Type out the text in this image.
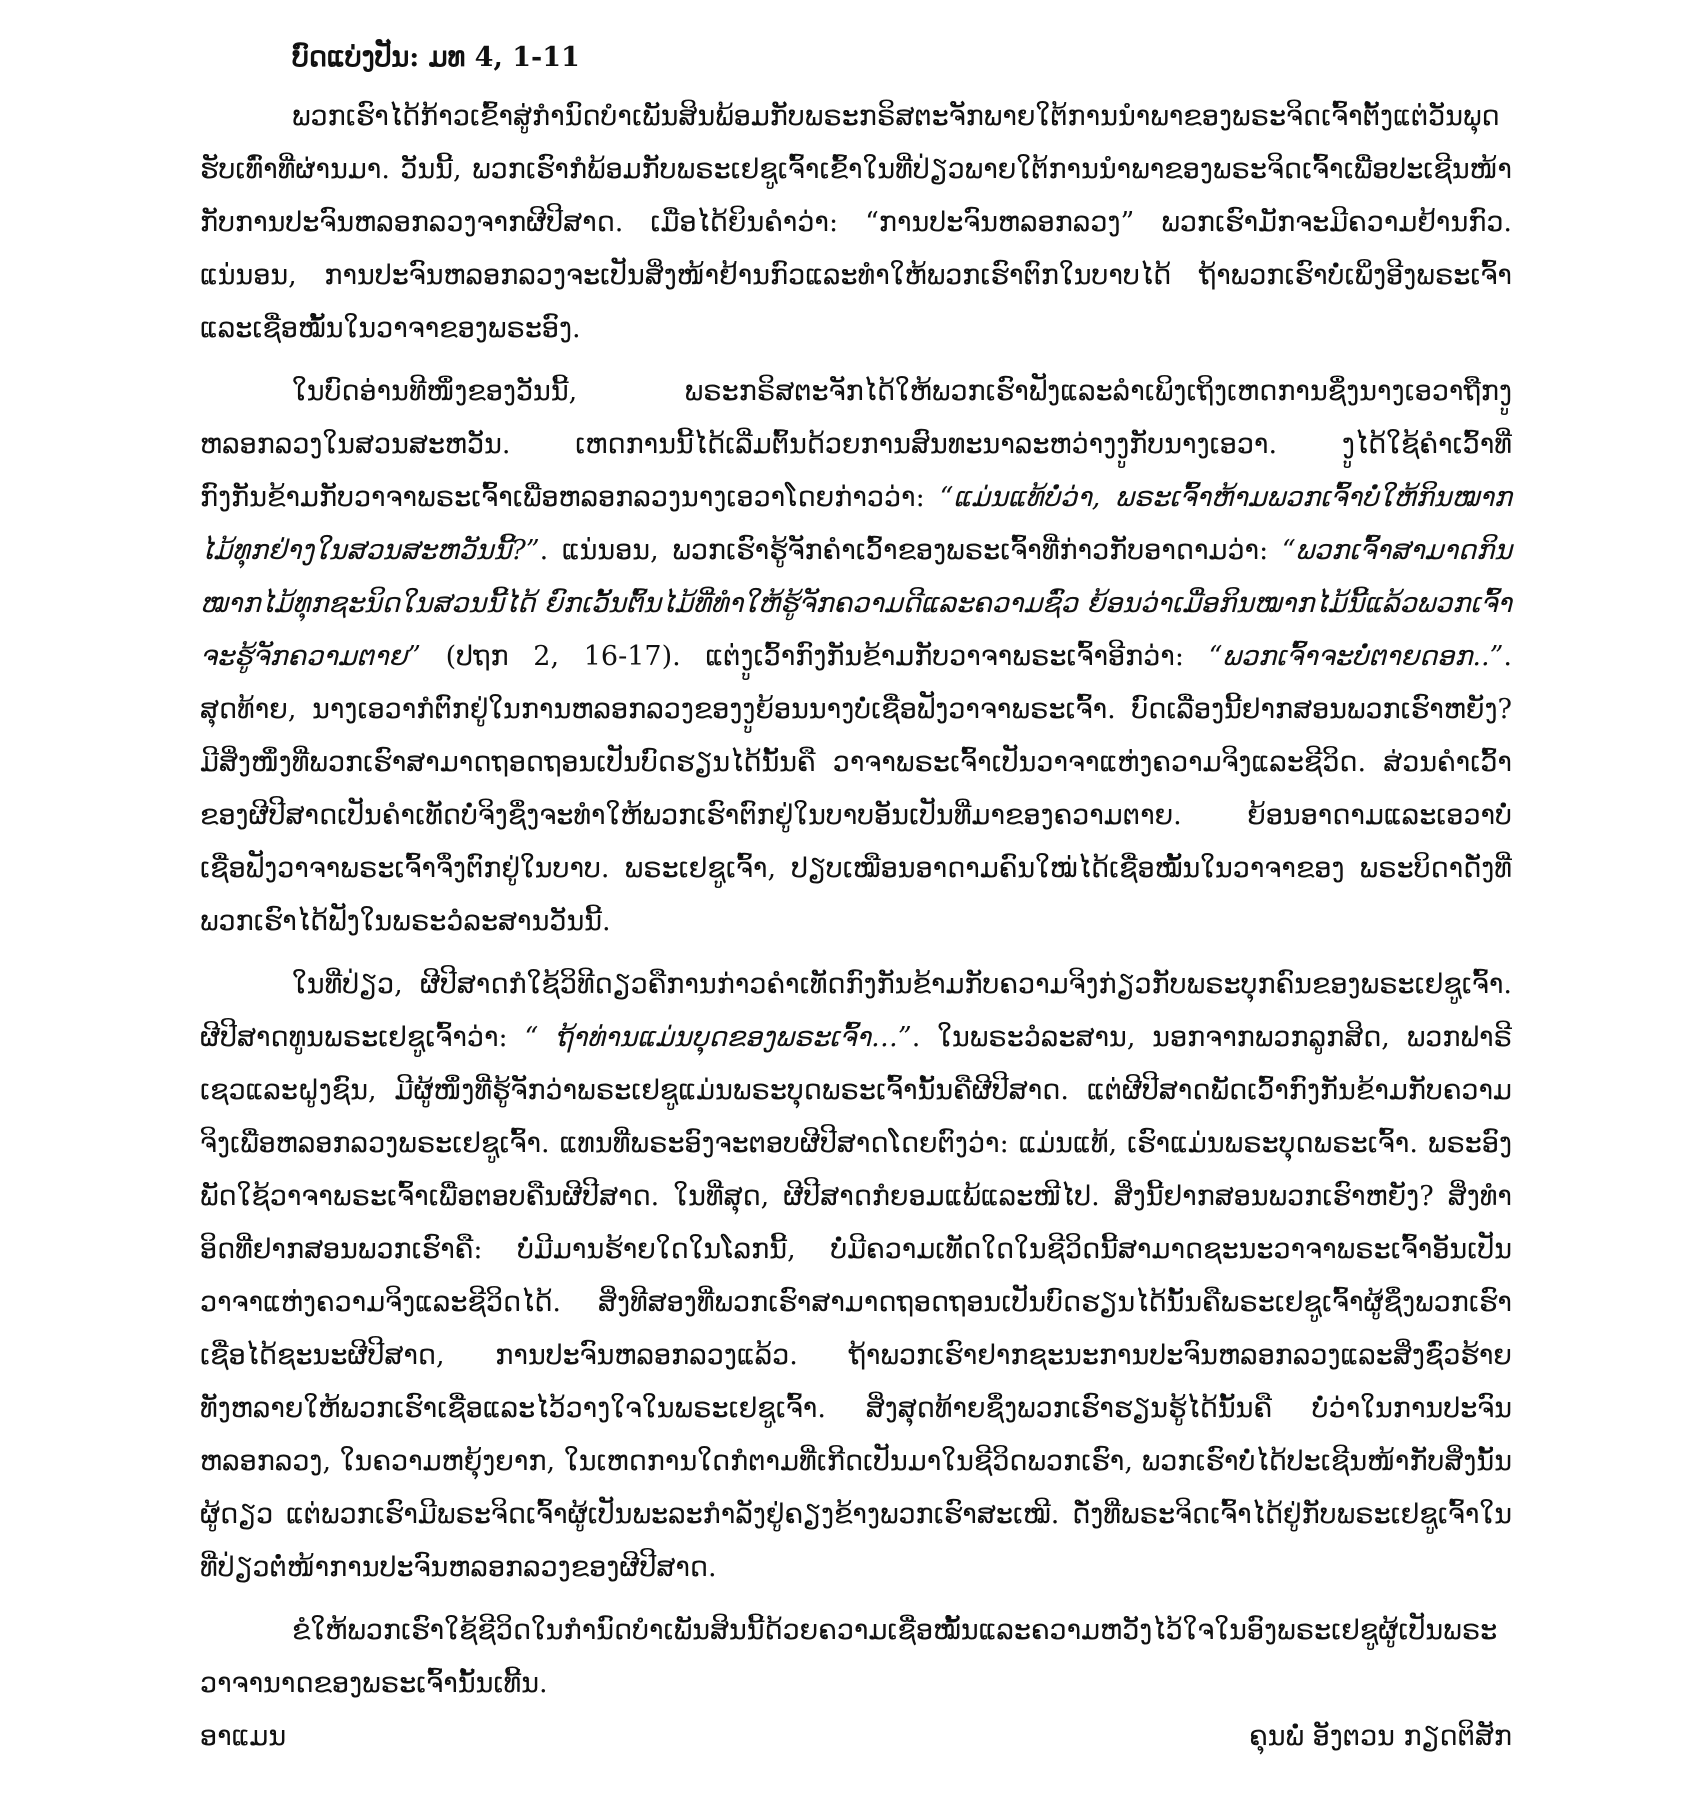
ບົດແບ່ງປັນ: ມທ 4, 1-11

ພວກເຮົາໄດ້ກ້າວເຂົ້າສູ່ກໍານົດບໍາເພັນສິນພ້ອມກັບພຣະກຣິສຕະຈັກພາຍໃຕ້ການນໍາພາຂອງພຣະຈິດເຈົ້າຕັ້ງແຕ່ວັນພຸດຮັບເທົ່າທີ່ຜ່ານມາ. ວັນນີ້, ພວກເຮົາກໍພ້ອມກັບພຣະເຢຊູເຈົ້າເຂົ້າໃນທີ່ປ່ຽວພາຍໃຕ້ການນໍາພາຂອງພຣະຈິດເຈົ້າເພື່ອປະເຊີນໜ້າກັບການປະຈົນຫລອກລວງຈາກຜີປີສາດ. ເມື່ອໄດ້ຍິນຄໍາວ່າ: “ການປະຈົນຫລອກລວງ” ພວກເຮົາມັກຈະມີຄວາມຢ້ານກົວ. ແນ່ນອນ, ການປະຈົນຫລອກລວງຈະເປັນສິ່ງໜ້າຢ້ານກົວແລະທໍາໃຫ້ພວກເຮົາຕົກໃນບາບໄດ້ ຖ້າພວກເຮົາບໍ່ເພິ່ງອີງພຣະເຈົ້າ ແລະເຊື່ອໝັ້ນໃນວາຈາຂອງພຣະອົງ.

ໃນບົດອ່ານທີໜຶ່ງຂອງວັນນີ້, ພຣະກຣິສຕະຈັກໄດ້ໃຫ້ພວກເຮົາຟັງແລະລໍາເພິງເຖິງເຫດການຊຶ່ງນາງເອວາຖືກງູຫລອກລວງໃນສວນສະຫວັນ. ເຫດການນີ້ໄດ້ເລີ່ມຕົ້ນດ້ວຍການສົນທະນາລະຫວ່າງງູກັບນາງເອວາ. ງູໄດ້ໃຊ້ຄໍາເວົ້າທີ່ກົງກັນຂ້າມກັບວາຈາພຣະເຈົ້າເພື່ອຫລອກລວງນາງເອວາໂດຍກ່າວວ່າ: “ແມ່ນແທ້ບໍ່ວ່າ, ພຣະເຈົ້າຫ້າມພວກເຈົ້າບໍ່ໃຫ້ກິນໝາກໄມ້ທຸກຢ່າງໃນສວນສະຫວັນນີ້?”. ແນ່ນອນ, ພວກເຮົາຮູ້ຈັກຄໍາເວົ້າຂອງພຣະເຈົ້າທີ່ກ່າວກັບອາດາມວ່າ: “ພວກເຈົ້າສາມາດກິນໝາກໄມ້ທຸກຊະນິດໃນສວນນີ້ໄດ້ ຍົກເວັ້ນຕົ້ນໄມ້ທີ່ທໍາໃຫ້ຮູ້ຈັກຄວາມດີແລະຄວາມຊົ່ວ ຍ້ອນວ່າເມື່ອກິນໝາກໄມ້ນີ້ແລ້ວພວກເຈົ້າຈະຮູ້ຈັກຄວາມຕາຍ” (ປຖກ 2, 16-17). ແຕ່ງູເວົ້າກົງກັນຂ້າມກັບວາຈາພຣະເຈົ້າອີກວ່າ: “ພວກເຈົ້າຈະບໍ່ຕາຍດອກ..”. ສຸດທ້າຍ, ນາງເອວາກໍຕົກຢູ່ໃນການຫລອກລວງຂອງງູຍ້ອນນາງບໍ່ເຊື່ອຟັງວາຈາພຣະເຈົ້າ. ບົດເລື່ອງນີ້ຢາກສອນພວກເຮົາຫຍັງ? ມີສິ່ງໜຶ່ງທີ່ພວກເຮົາສາມາດຖອດຖອນເປັນບົດຮຽນໄດ້ນັ້ນຄື ວາຈາພຣະເຈົ້າເປັນວາຈາແຫ່ງຄວາມຈິງແລະຊີວິດ. ສ່ວນຄໍາເວົ້າຂອງຜີປີສາດເປັນຄໍາເທັດບໍ່ຈິງຊຶ່ງຈະທໍາໃຫ້ພວກເຮົາຕົກຢູ່ໃນບາບອັນເປັນທີ່ມາຂອງຄວາມຕາຍ. ຍ້ອນອາດາມແລະເອວາບໍ່ເຊື່ອຟັງວາຈາພຣະເຈົ້າຈຶ່ງຕົກຢູ່ໃນບາບ. ພຣະເຢຊູເຈົ້າ, ປຽບເໝືອນອາດາມຄົນໃໝ່ໄດ້ເຊື່ອໝັ້ນໃນວາຈາຂອງ ພຣະບິດາດັ່ງທີ່ພວກເຮົາໄດ້ຟັງໃນພຣະວໍລະສານວັນນີ້.

ໃນທີ່ປ່ຽວ, ຜີປີສາດກໍໃຊ້ວິທີດຽວຄືການກ່າວຄໍາເທັດກົງກັນຂ້າມກັບຄວາມຈິງກ່ຽວກັບພຣະບຸກຄົນຂອງພຣະເຢຊູເຈົ້າ. ຜີປີສາດທູນພຣະເຢຊູເຈົ້າວ່າ: “ ຖ້າທ່ານແມ່ນບຸດຂອງພຣະເຈົ້າ…”. ໃນພຣະວໍລະສານ, ນອກຈາກພວກລູກສິດ, ພວກຟາຣີເຊວແລະຝູງຊົນ, ມີຜູ້ໜຶ່ງທີ່ຮູ້ຈັກວ່າພຣະເຢຊູແມ່ນພຣະບຸດພຣະເຈົ້ານັ້ນຄືຜີປີສາດ. ແຕ່ຜີປີສາດພັດເວົ້າກົງກັນຂ້າມກັບຄວາມຈິງເພື່ອຫລອກລວງພຣະເຢຊູເຈົ້າ. ແທນທີ່ພຣະອົງຈະຕອບຜີປີສາດໂດຍຕົງວ່າ: ແມ່ນແທ້, ເຮົາແມ່ນພຣະບຸດພຣະເຈົ້າ. ພຣະອົງພັດໃຊ້ວາຈາພຣະເຈົ້າເພື່ອຕອບຄືນຜີປີສາດ. ໃນທີ່ສຸດ, ຜີປີສາດກໍຍອມແພ້ແລະໜີໄປ. ສິ່ງນີ້ຢາກສອນພວກເຮົາຫຍັງ? ສິ່ງທໍາອິດທີ່ຢາກສອນພວກເຮົາຄື: ບໍ່ມີມານຮ້າຍໃດໃນໂລກນີ້, ບໍ່ມີຄວາມເທັດໃດໃນຊີວິດນີ້ສາມາດຊະນະວາຈາພຣະເຈົ້າອັນເປັນວາຈາແຫ່ງຄວາມຈິງແລະຊີວິດໄດ້. ສິ່ງທີສອງທີ່ພວກເຮົາສາມາດຖອດຖອນເປັນບົດຮຽນໄດ້ນັ້ນຄືພຣະເຢຊູເຈົ້າຜູ້ຊຶ່ງພວກເຮົາເຊື່ອໄດ້ຊະນະຜີປີສາດ, ການປະຈົນຫລອກລວງແລ້ວ. ຖ້າພວກເຮົາຢາກຊະນະການປະຈົນຫລອກລວງແລະສິ່ງຊົ່ວຮ້າຍທັງຫລາຍໃຫ້ພວກເຮົາເຊື່ອແລະໄວ້ວາງໃຈໃນພຣະເຢຊູເຈົ້າ. ສິ່ງສຸດທ້າຍຊຶ່ງພວກເຮົາຮຽນຮູ້ໄດ້ນັ້ນຄື ບໍ່ວ່າໃນການປະຈົນຫລອກລວງ, ໃນຄວາມຫຍຸ້ງຍາກ, ໃນເຫດການໃດກໍຕາມທີ່ເກີດເປັນມາໃນຊີວິດພວກເຮົາ, ພວກເຮົາບໍ່ໄດ້ປະເຊີນໜ້າກັບສິ່ງນັ້ນຜູ້ດຽວ ແຕ່ພວກເຮົາມີພຣະຈິດເຈົ້າຜູ້ເປັນພະລະກໍາລັງຢູ່ຄຽງຂ້າງພວກເຮົາສະເໝີ. ດັ່ງທີ່ພຣະຈິດເຈົ້າໄດ້ຢູ່ກັບພຣະເຢຊູເຈົ້າໃນທີ່ປ່ຽວຕໍ່ໜ້າການປະຈົນຫລອກລວງຂອງຜີປີສາດ.

ຂໍໃຫ້ພວກເຮົາໃຊ້ຊີວິດໃນກໍານົດບໍາເພັນສິນນີ້ດ້ວຍຄວາມເຊື່ອໝັ້ນແລະຄວາມຫວັງໄວ້ໃຈໃນອົງພຣະເຢຊູຜູ້ເປັນພຣະວາຈານາດຂອງພຣະເຈົ້ານັ້ນເທີ້ນ.

ອາແມນ	ຄຸນພໍ່ ອັງຕວນ ກຽດຕິສັກ
